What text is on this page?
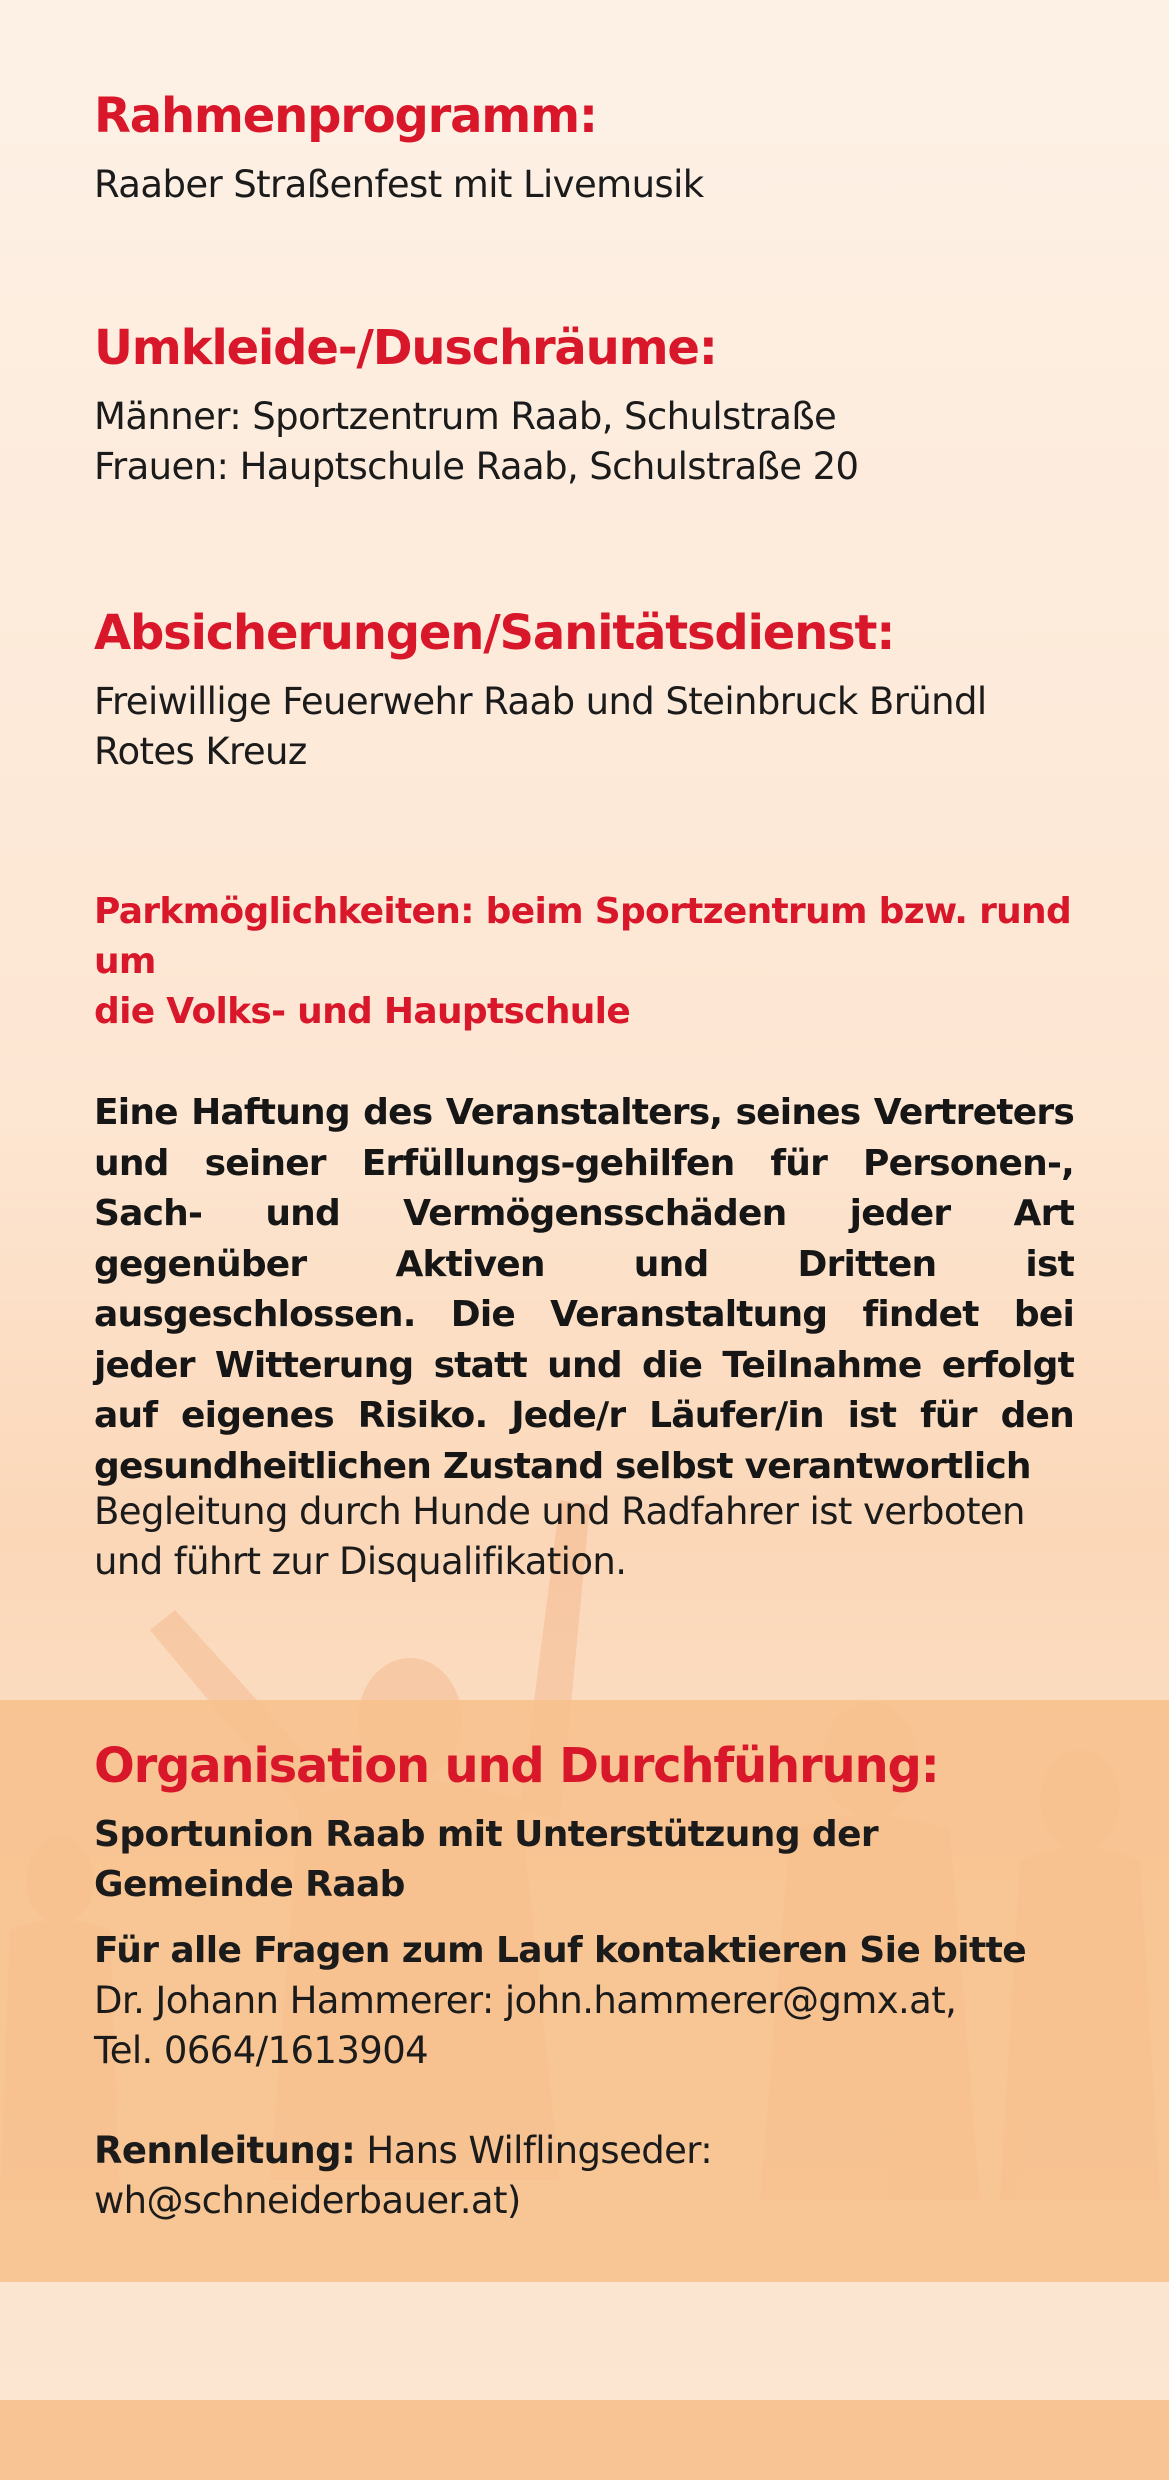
Rahmenprogramm:

Raaber Straßenfest mit Livemusik

Umkleide-/Duschräume:

Männer: Sportzentrum Raab, Schulstraße
Frauen: Hauptschule Raab, Schulstraße 20

Absicherungen/Sanitätsdienst:

Freiwillige Feuerwehr Raab und Steinbruck Bründl
Rotes Kreuz

Parkmöglichkeiten: beim Sportzentrum bzw. rund um
die Volks- und Hauptschule

Eine Haftung des Veranstalters, seines Vertreters und seiner Erfüllungs-gehilfen für Personen-, Sach- und Vermögensschäden jeder Art gegenüber Aktiven und Dritten ist ausgeschlossen. Die Veranstaltung findet bei jeder Witterung statt und die Teilnahme erfolgt auf eigenes Risiko. Jede/r Läufer/in ist für den gesundheitlichen Zustand selbst verantwortlich

Begleitung durch Hunde und Radfahrer ist verboten
und führt zur Disqualifikation.

Organisation und Durchführung:

Sportunion Raab mit Unterstützung der
Gemeinde Raab

Für alle Fragen zum Lauf kontaktieren Sie bitte
Dr. Johann Hammerer: john.hammerer@gmx.at,
Tel. 0664/1613904

Rennleitung: Hans Wilflingseder:
wh@schneiderbauer.at)
